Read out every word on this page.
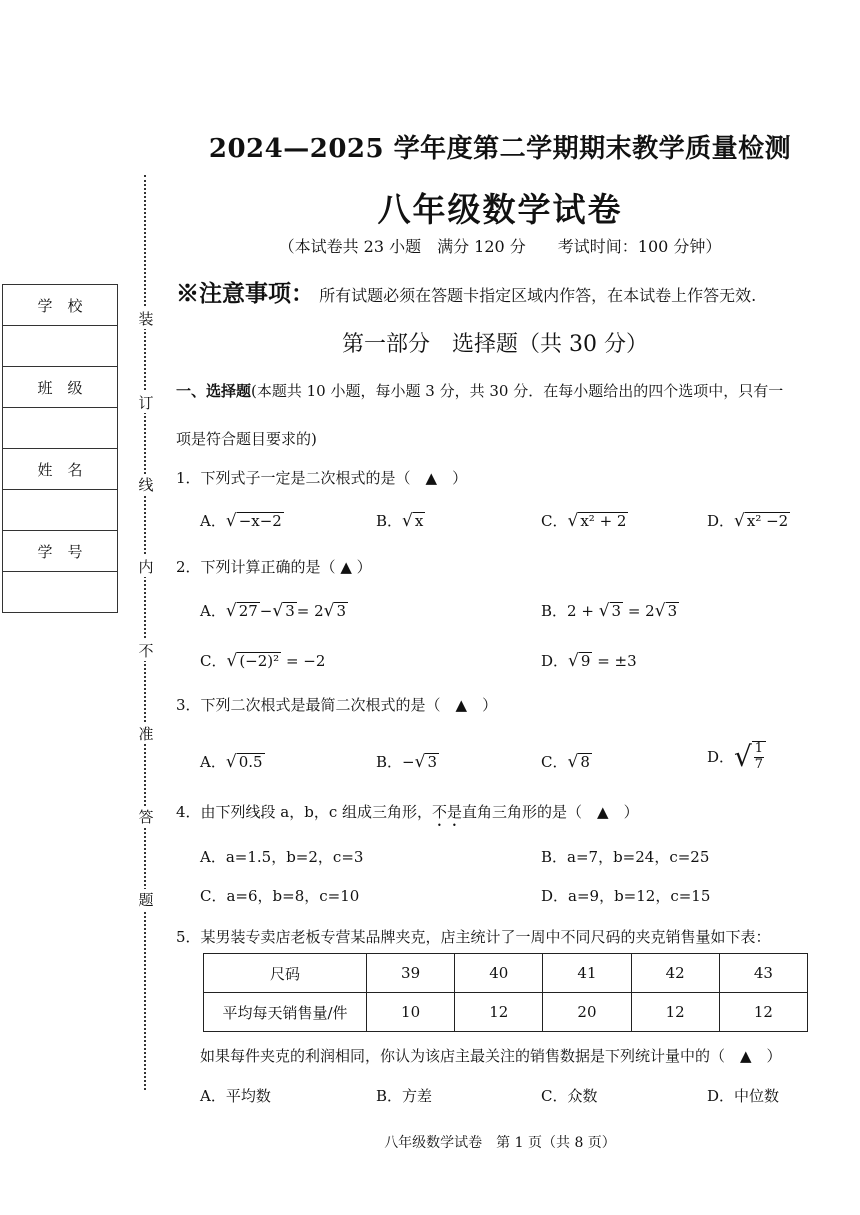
2024—2025 学年度第二学期期末教学质量检测
八年级数学试卷
（本试卷共 23 小题　满分 120 分　　考试时间：100 分钟）
※注意事项： 所有试题必须在答题卡指定区域内作答，在本试卷上作答无效.
装
订
线
内
不
准
答
题
学　校
班　级
姓　名
学　号
第一部分　选择题（共 30 分）
一、选择题(本题共 10 小题，每小题 3 分，共 30 分．在每小题给出的四个选项中，只有一
项是符合题目要求的)
1．下列式子一定是二次根式的是（　▲　）
A．√ −x−2	B．√ x	C．√ x² + 2	D．√ x² −2
2．下列计算正确的是（ ▲ ）
A．√ 27 −√ 3 = 2√ 3	B．2 + √ 3 = 2√ 3
C．√ (−2)² = −2	D．√ 9 = ±3
3．下列二次根式是最简二次根式的是（　▲　）
A．√ 0.5	B．−√ 3	C．√ 8	D． √ $\frac{1}{7}$
4．由下列线段 a，b，c 组成三角形，不是直角三角形的是（　▲　）
A．a=1.5，b=2，c=3	B．a=7，b=24，c=25
C．a=6，b=8，c=10	D．a=9，b=12，c=15
5．某男装专卖店老板专营某品牌夹克，店主统计了一周中不同尺码的夹克销售量如下表：
尺码	39	40	41	42	43
平均每天销售量/件	10	12	20	12	12
如果每件夹克的利润相同，你认为该店主最关注的销售数据是下列统计量中的（　▲　）
A．平均数	B．方差	C．众数	D．中位数
八年级数学试卷　第 1 页（共 8 页）
